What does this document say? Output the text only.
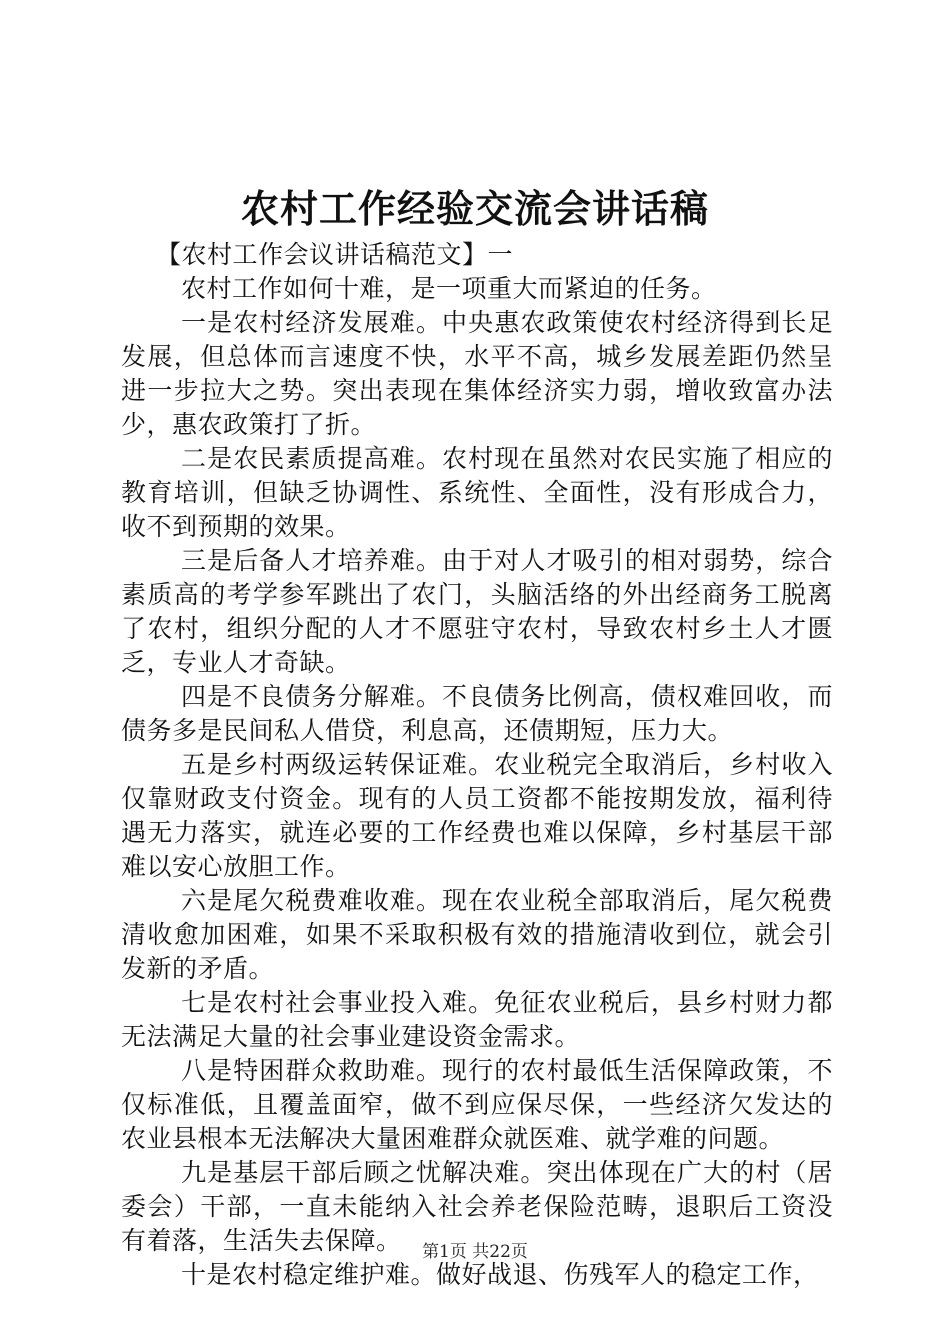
农村工作经验交流会讲话稿

【农村工作会议讲话稿范文】一

农村工作如何十难，是一项重大而紧迫的任务。

一是农村经济发展难。中央惠农政策使农村经济得到长足发展，但总体而言速度不快，水平不高，城乡发展差距仍然呈进一步拉大之势。突出表现在集体经济实力弱，增收致富办法少，惠农政策打了折。

二是农民素质提高难。农村现在虽然对农民实施了相应的教育培训，但缺乏协调性、系统性、全面性，没有形成合力，收不到预期的效果。

三是后备人才培养难。由于对人才吸引的相对弱势，综合素质高的考学参军跳出了农门，头脑活络的外出经商务工脱离了农村，组织分配的人才不愿驻守农村，导致农村乡土人才匮乏，专业人才奇缺。

四是不良债务分解难。不良债务比例高，债权难回收，而债务多是民间私人借贷，利息高，还债期短，压力大。

五是乡村两级运转保证难。农业税完全取消后，乡村收入仅靠财政支付资金。现有的人员工资都不能按期发放，福利待遇无力落实，就连必要的工作经费也难以保障，乡村基层干部难以安心放胆工作。

六是尾欠税费难收难。现在农业税全部取消后，尾欠税费清收愈加困难，如果不采取积极有效的措施清收到位，就会引发新的矛盾。

七是农村社会事业投入难。免征农业税后，县乡村财力都无法满足大量的社会事业建设资金需求。

八是特困群众救助难。现行的农村最低生活保障政策，不仅标准低，且覆盖面窄，做不到应保尽保，一些经济欠发达的农业县根本无法解决大量困难群众就医难、就学难的问题。

九是基层干部后顾之忧解决难。突出体现在广大的村（居委会）干部，一直未能纳入社会养老保险范畴，退职后工资没有着落，生活失去保障。

十是农村稳定维护难。做好战退、伤残军人的稳定工作，

第1页 共22页
